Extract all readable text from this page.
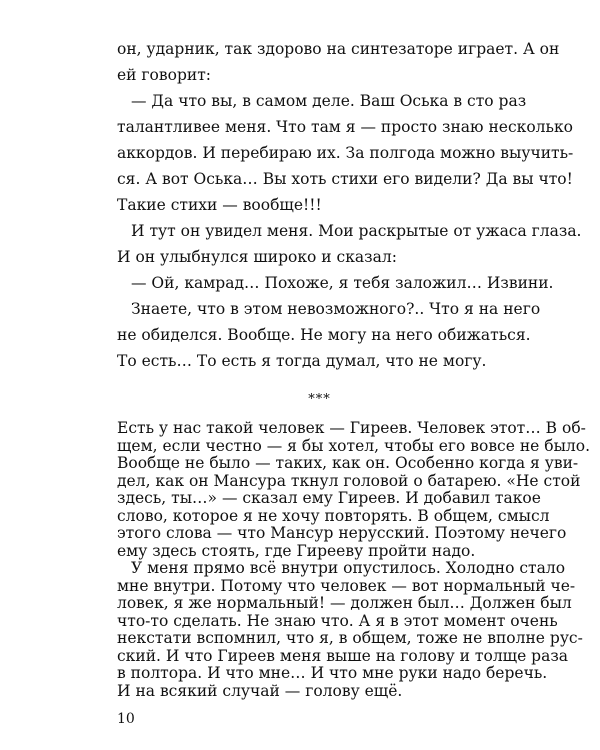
он, ударник, так здорово на синтезаторе играет. А он
ей говорит:
— Да что вы, в самом деле. Ваш Оська в сто раз
талантливее меня. Что там я — просто знаю несколько
аккордов. И перебираю их. За полгода можно выучить-
ся. А вот Оська… Вы хоть стихи его видели? Да вы что!
Такие стихи — вообще!!!
И тут он увидел меня. Мои раскрытые от ужаса глаза.
И он улыбнулся широко и сказал:
— Ой, камрад… Похоже, я тебя заложил… Извини.
Знаете, что в этом невозможного?.. Что я на него
не обиделся. Вообще. Не могу на него обижаться.
То есть… То есть я тогда думал, что не могу.
***
10
Есть у нас такой человек — Гиреев. Человек этот… В об-
щем, если честно — я бы хотел, чтобы его вовсе не было.
Вообще не было — таких, как он. Особенно когда я уви-
дел, как он Мансура ткнул головой о батарею. «Не стой
здесь, ты…» — сказал ему Гиреев. И добавил такое
слово, которое я не хочу повторять. В общем, смысл
этого слова — что Мансур нерусский. Поэтому нечего
ему здесь стоять, где Гирееву пройти надо.
У меня прямо всё внутри опустилось. Холодно стало
мне внутри. Потому что человек — вот нормальный че-
ловек, я же нормальный! — должен был… Должен был
что-то сделать. Не знаю что. А я в этот момент очень
некстати вспомнил, что я, в общем, тоже не вполне рус-
ский. И что Гиреев меня выше на голову и толще раза
в полтора. И что мне… И что мне руки надо беречь.
И на всякий случай — голову ещё.
